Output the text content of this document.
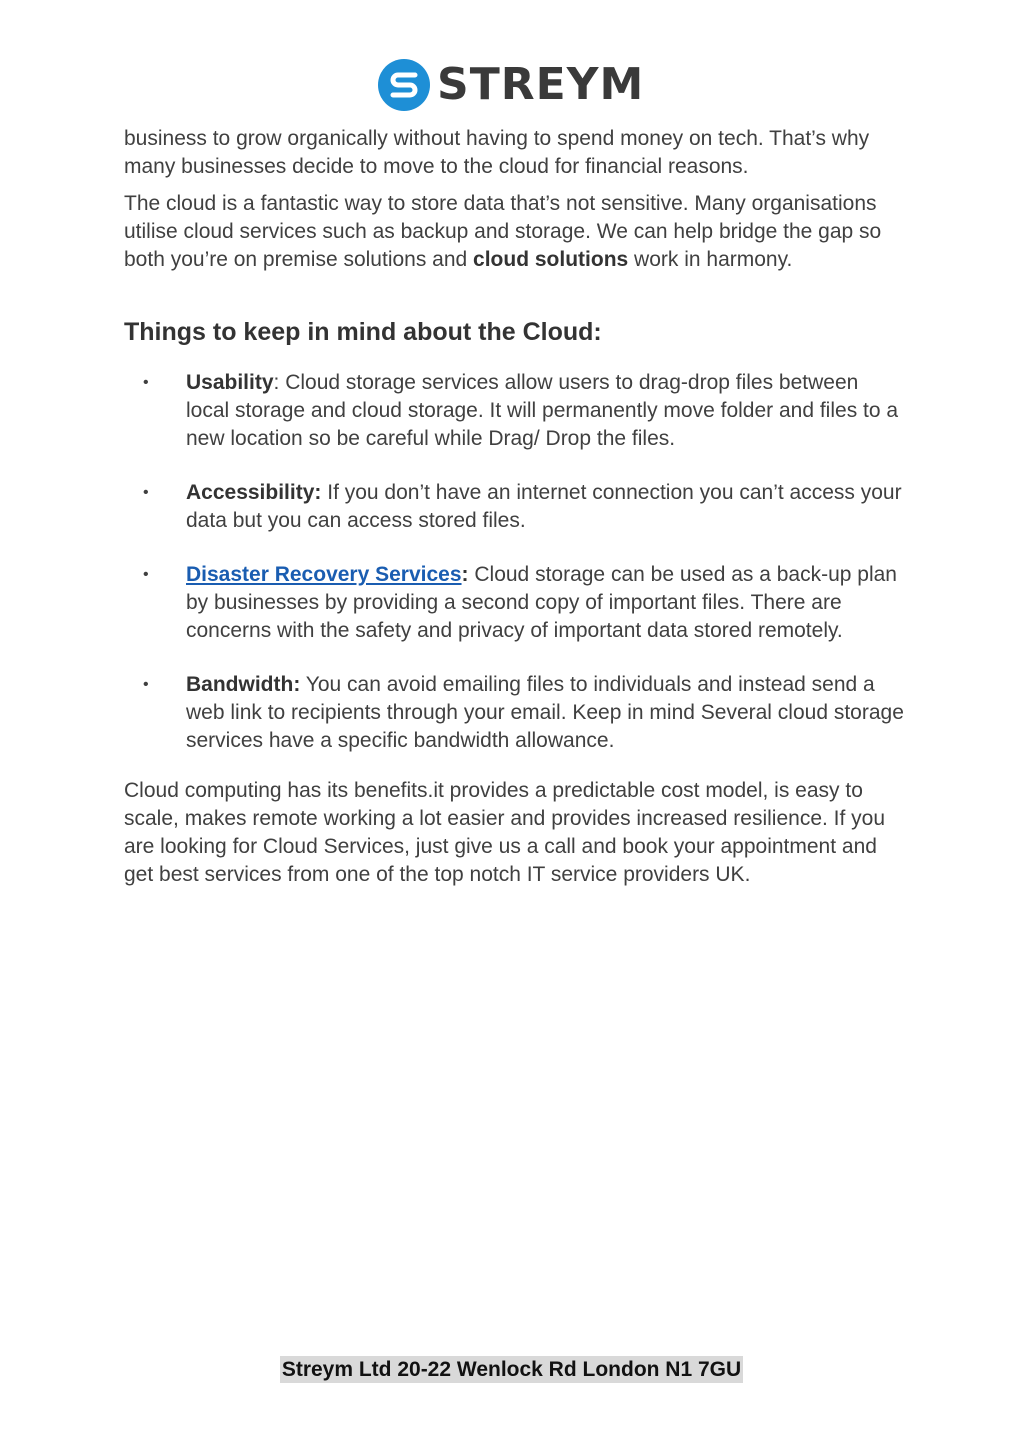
STREYM

business to grow organically without having to spend money on tech. That’s why many businesses decide to move to the cloud for financial reasons.

The cloud is a fantastic way to store data that’s not sensitive. Many organisations utilise cloud services such as backup and storage. We can help bridge the gap so both you’re on premise solutions and cloud solutions work in harmony.

Things to keep in mind about the Cloud:
• Usability: Cloud storage services allow users to drag-drop files between local storage and cloud storage. It will permanently move folder and files to a new location so be careful while Drag/ Drop the files.
• Accessibility: If you don’t have an internet connection you can’t access your data but you can access stored files.
• Disaster Recovery Services: Cloud storage can be used as a back-up plan by businesses by providing a second copy of important files. There are concerns with the safety and privacy of important data stored remotely.
• Bandwidth: You can avoid emailing files to individuals and instead send a web link to recipients through your email. Keep in mind Several cloud storage services have a specific bandwidth allowance.

Cloud computing has its benefits.it provides a predictable cost model, is easy to scale, makes remote working a lot easier and provides increased resilience. If you are looking for Cloud Services, just give us a call and book your appointment and get best services from one of the top notch IT service providers UK.

Streym Ltd 20-22 Wenlock Rd London N1 7GU
